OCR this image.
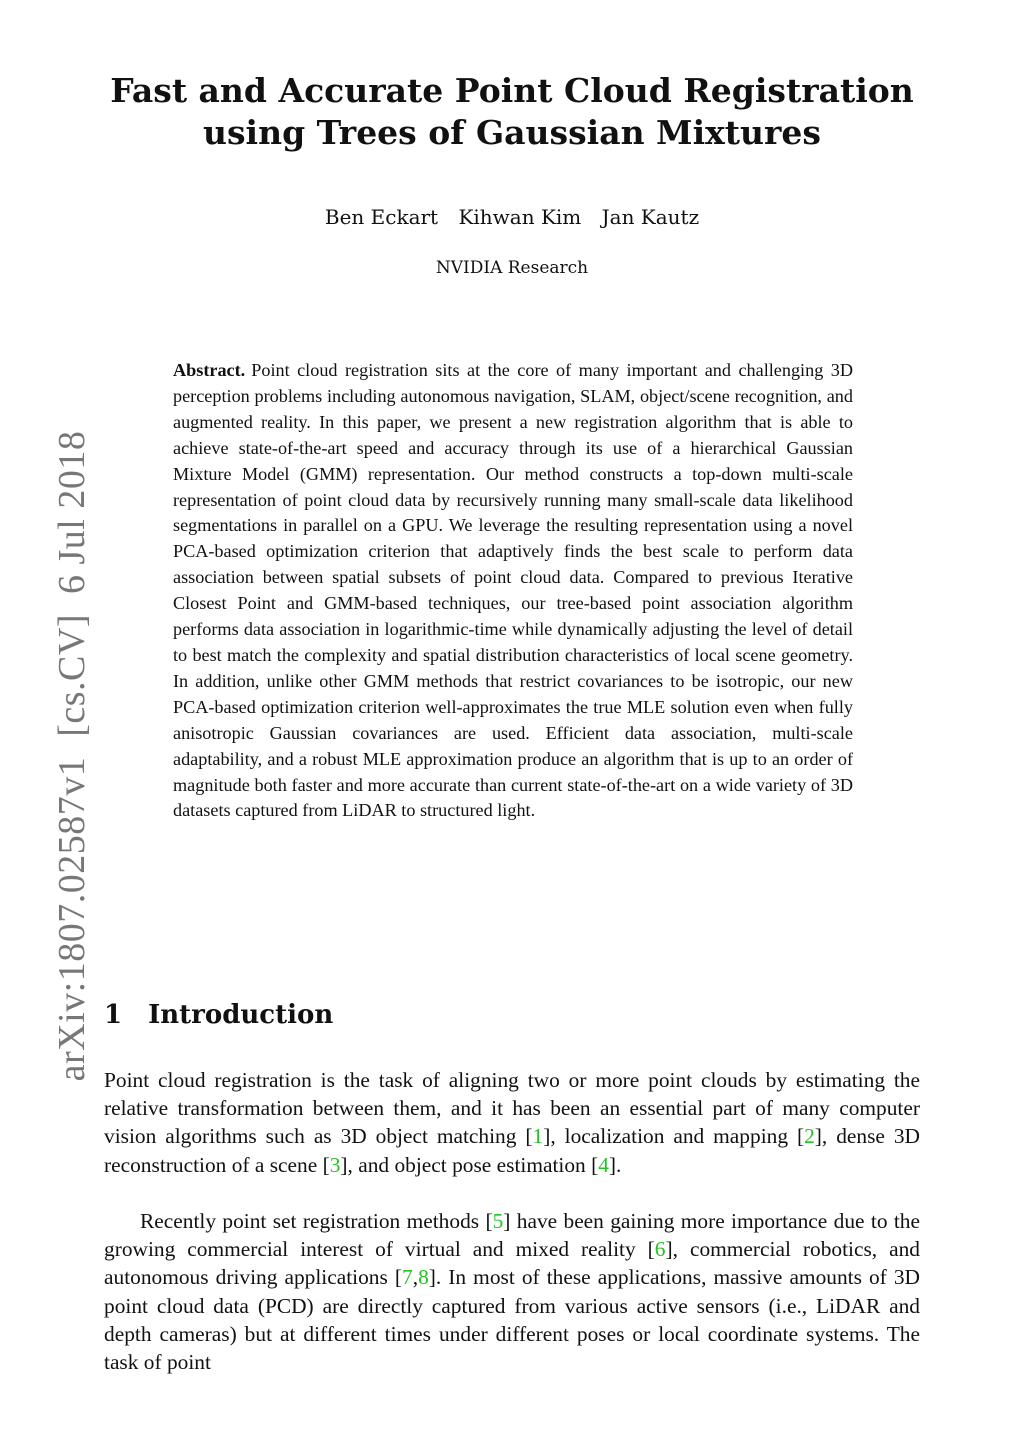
Fast and Accurate Point Cloud Registration
using Trees of Gaussian Mixtures
Ben Eckart Kihwan Kim Jan Kautz
NVIDIA Research
arXiv:1807.02587v1  [cs.CV]  6 Jul 2018

Abstract. Point cloud registration sits at the core of many important and challenging 3D perception problems including autonomous navigation, SLAM, object/scene recognition, and augmented reality. In this paper, we present a new registration algorithm that is able to achieve state-of-the-art speed and accuracy through its use of a hierarchical Gaussian Mixture Model (GMM) representation. Our method constructs a top-down multi-scale representation of point cloud data by recursively running many small-scale data likelihood segmentations in parallel on a GPU. We leverage the resulting representation using a novel PCA-based optimization criterion that adaptively finds the best scale to perform data association between spatial subsets of point cloud data. Compared to previous Iterative Closest Point and GMM-based techniques, our tree-based point association algorithm performs data association in logarithmic-time while dynamically adjusting the level of detail to best match the complexity and spatial distribution characteristics of local scene geometry. In addition, unlike other GMM methods that restrict covariances to be isotropic, our new PCA-based optimization criterion well-approximates the true MLE solution even when fully anisotropic Gaussian covariances are used. Efficient data association, multi-scale adaptability, and a robust MLE approximation produce an algorithm that is up to an order of magnitude both faster and more accurate than current state-of-the-art on a wide variety of 3D datasets captured from LiDAR to structured light.

1 Introduction

Point cloud registration is the task of aligning two or more point clouds by estimating the relative transformation between them, and it has been an essential part of many computer vision algorithms such as 3D object matching [1], localization and mapping [2], dense 3D reconstruction of a scene [3], and object pose estimation [4].

Recently point set registration methods [5] have been gaining more importance due to the growing commercial interest of virtual and mixed reality [6], commercial robotics, and autonomous driving applications [7,8]. In most of these applications, massive amounts of 3D point cloud data (PCD) are directly captured from various active sensors (i.e., LiDAR and depth cameras) but at different times under different poses or local coordinate systems. The task of point
